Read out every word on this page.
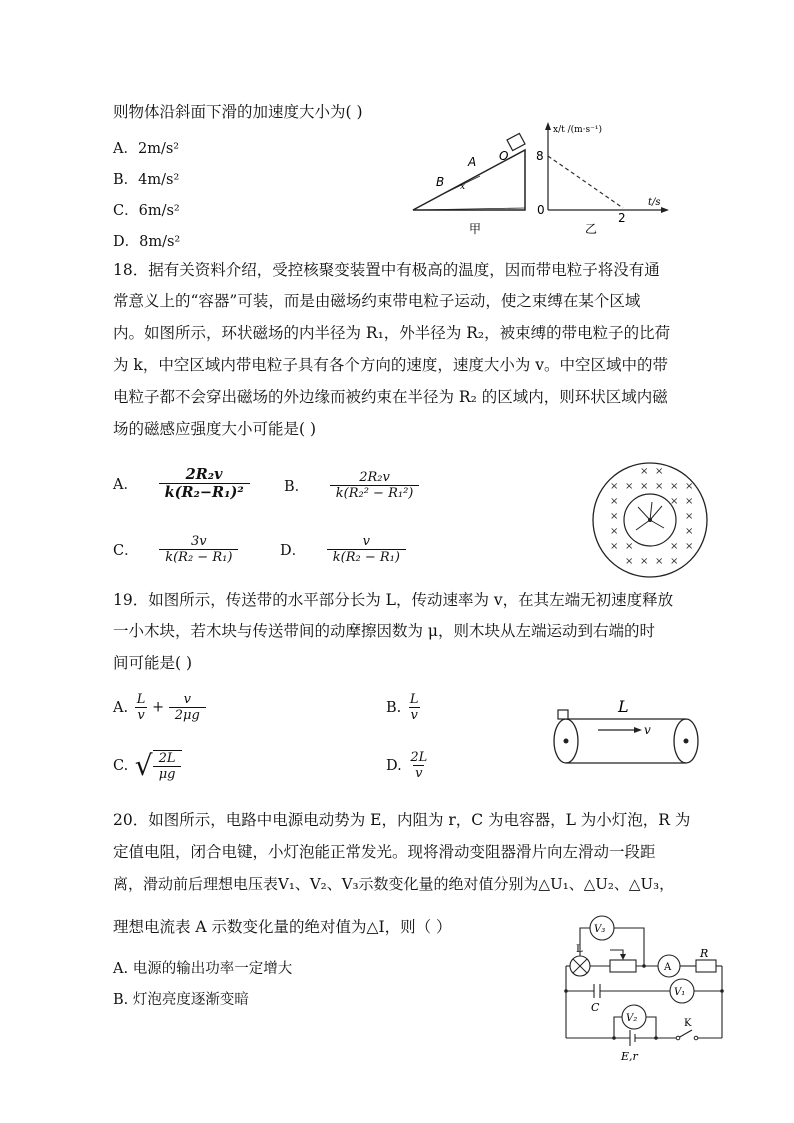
则物体沿斜面下滑的加速度大小为( )
A．2m/s²
B．4m/s²
C．6m/s²
D．8m/s²
O
A
B x
甲
x/t /(m·s⁻¹)
8
0
2
t/s
乙
18．据有关资料介绍，受控核聚变装置中有极高的温度，因而带电粒子将没有通
常意义上的“容器”可装，而是由磁场约束带电粒子运动，使之束缚在某个区域
内。如图所示，环状磁场的内半径为 R₁，外半径为 R₂，被束缚的带电粒子的比荷
为 k，中空区域内带电粒子具有各个方向的速度，速度大小为 v。中空区域中的带
电粒子都不会穿出磁场的外边缘而被约束在半径为 R₂ 的区域内，则环状区域内磁
场的磁感应强度大小可能是( )
A． $\frac{\text{2R₂v}}{\text{k(R₂−R₁)²}}$ B． $\frac{\text{2R₂v}}{\text{k(R₂² − R₁²)}}$
C． $\frac{3v}{\text{k(R₂ − R₁)}}$	D． $\frac{v}{\text{k(R₂ − R₁)}}$
×
×
×
×
×
×
×
×
×
×
×
×
×
×
×
×
×
×
×
×
×
×
×
19．如图所示，传送带的水平部分长为 L，传动速率为 v，在其左端无初速度释放
一小木块，若木块与传送带间的动摩擦因数为 μ，则木块从左端运动到右端的时
间可能是( )
A. $\frac{L}{v} + \frac{v}{2\mu g}$	B. $\frac{L}{v}$
C. √ $\frac{2L}{\mu g}$	D. $\frac{2L}{v}$
L
v
20．如图所示，电路中电源电动势为 E，内阻为 r，C 为电容器，L 为小灯泡，R 为
定值电阻，闭合电键，小灯泡能正常发光。现将滑动变阻器滑片向左滑动一段距
离，滑动前后理想电压表V₁、V₂、V₃示数变化量的绝对值分别为△U₁、△U₂、△U₃，
理想电流表 A 示数变化量的绝对值为△I，则（ ）
A. 电源的输出功率一定增大
B. 灯泡亮度逐渐变暗
V₃
L
A
R
V₁
C
V₂	K
E,r
